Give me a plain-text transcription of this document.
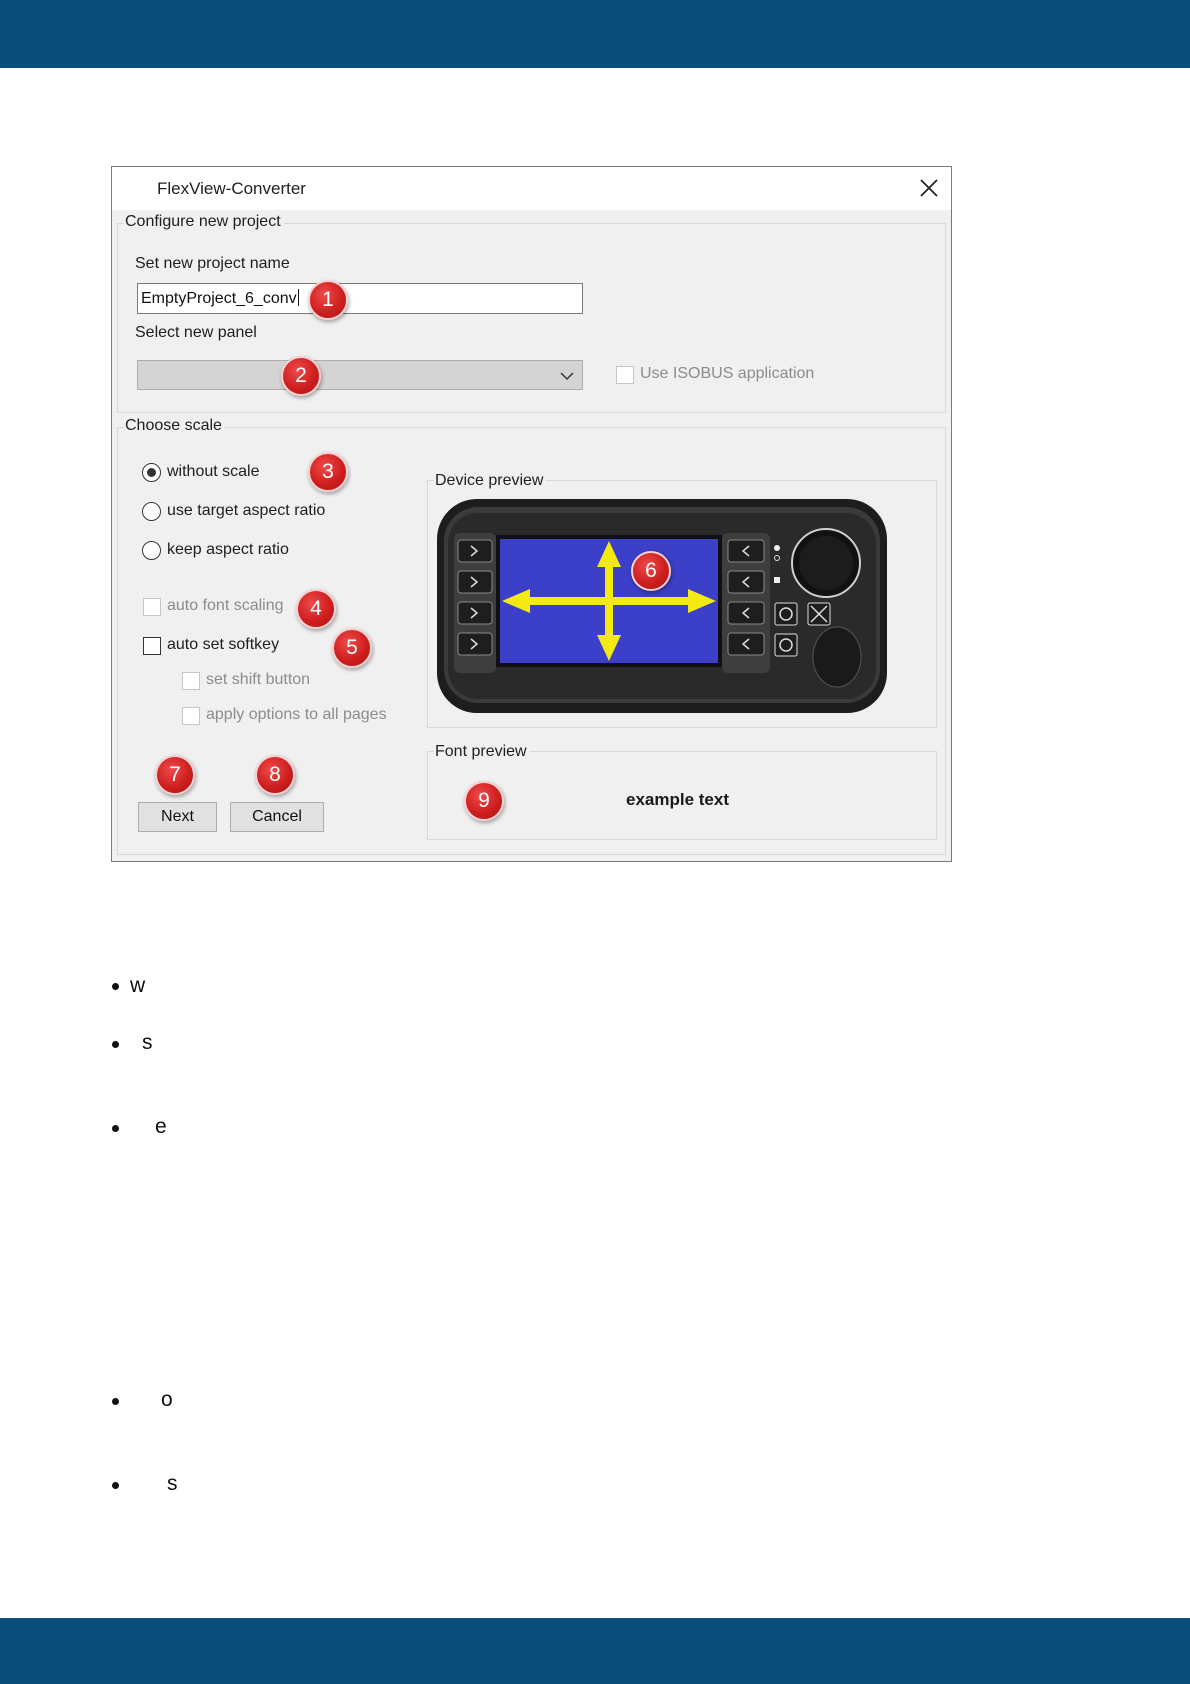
FlexView-Converter
Configure new project
Set new project name
EmptyProject_6_conv
Select new panel
Use ISOBUS application
Choose scale
without scale
use target aspect ratio
keep aspect ratio
auto font scaling
auto set softkey
set shift button
apply options to all pages
Next	Cancel
Device preview
Font preview
example text
1
2
3
4
5
6
7	8
9
w
s
e
o
s
